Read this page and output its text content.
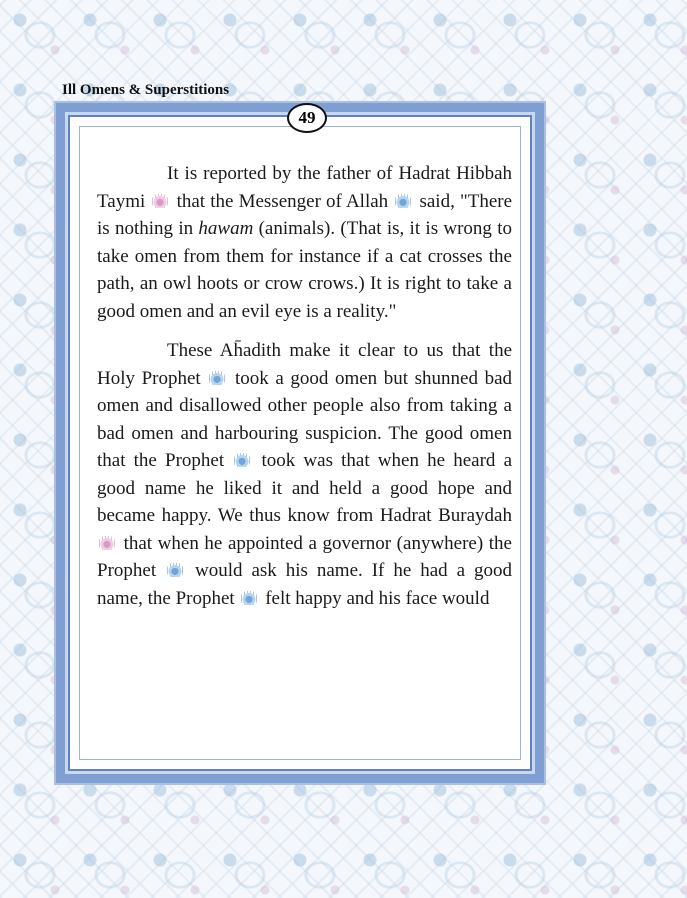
Ill Omens & Superstitions
49

It is reported by the father of Hadrat Hibbah Taymi that the Messenger of Allah said, "There is nothing in hawam (animals). (That is, it is wrong to take omen from them for instance if a cat crosses the path, an owl hoots or crow crows.) It is right to take a good omen and an evil eye is a reality."

These Ah̄adith make it clear to us that the Holy Prophet took a good omen but shunned bad omen and disallowed other people also from taking a bad omen and harbouring suspicion. The good omen that the Prophet took was that when he heard a good name he liked it and held a good hope and became happy. We thus know from Hadrat Buraydah  that when he appointed a governor (anywhere) the Prophet would ask his name. If he had a good name, the Prophet felt happy and his face would
